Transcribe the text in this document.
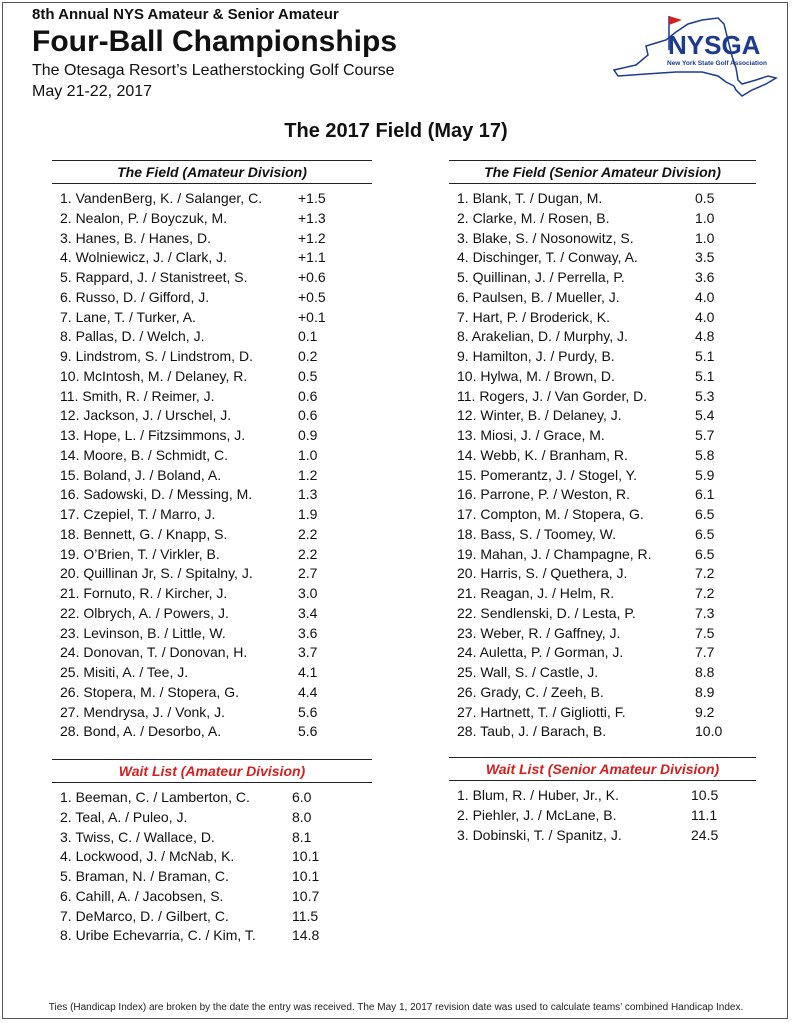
8th Annual NYS Amateur & Senior Amateur
Four-Ball Championships
The Otesaga Resort’s Leatherstocking Golf Course
May 21-22, 2017
NYSGA
New York State Golf Association
The 2017 Field (May 17)
The Field (Amateur Division)
1. VandenBerg, K. / Salanger, C.	+1.5
2. Nealon, P. / Boyczuk, M.	+1.3
3. Hanes, B. / Hanes, D.	+1.2
4. Wolniewicz, J. / Clark, J.	+1.1
5. Rappard, J. / Stanistreet, S.	+0.6
6. Russo, D. / Gifford, J.	+0.5
7. Lane, T. / Turker, A.	+0.1
8. Pallas, D. / Welch, J.	0.1
9. Lindstrom, S. / Lindstrom, D.	0.2
10. McIntosh, M. / Delaney, R.	0.5
11. Smith, R. / Reimer, J.	0.6
12. Jackson, J. / Urschel, J.	0.6
13. Hope, L. / Fitzsimmons, J.	0.9
14. Moore, B. / Schmidt, C.	1.0
15. Boland, J. / Boland, A.	1.2
16. Sadowski, D. / Messing, M.	1.3
17. Czepiel, T. / Marro, J.	1.9
18. Bennett, G. / Knapp, S.	2.2
19. O’Brien, T. / Virkler, B.	2.2
20. Quillinan Jr, S. / Spitalny, J.	2.7
21. Fornuto, R. / Kircher, J.	3.0
22. Olbrych, A. / Powers, J.	3.4
23. Levinson, B. / Little, W.	3.6
24. Donovan, T. / Donovan, H.	3.7
25. Misiti, A. / Tee, J.	4.1
26. Stopera, M. / Stopera, G.	4.4
27. Mendrysa, J. / Vonk, J.	5.6
28. Bond, A. / Desorbo, A.	5.6
The Field (Senior Amateur Division)
1. Blank, T. / Dugan, M.	0.5
2. Clarke, M. / Rosen, B.	1.0
3. Blake, S. / Nosonowitz, S.	1.0
4. Dischinger, T. / Conway, A.	3.5
5. Quillinan, J. / Perrella, P.	3.6
6. Paulsen, B. / Mueller, J.	4.0
7. Hart, P. / Broderick, K.	4.0
8. Arakelian, D. / Murphy, J.	4.8
9. Hamilton, J. / Purdy, B.	5.1
10. Hylwa, M. / Brown, D.	5.1
11. Rogers, J. / Van Gorder, D.	5.3
12. Winter, B. / Delaney, J.	5.4
13. Miosi, J. / Grace, M.	5.7
14. Webb, K. / Branham, R.	5.8
15. Pomerantz, J. / Stogel, Y.	5.9
16. Parrone, P. / Weston, R.	6.1
17. Compton, M. / Stopera, G.	6.5
18. Bass, S. / Toomey, W.	6.5
19. Mahan, J. / Champagne, R.	6.5
20. Harris, S. / Quethera, J.	7.2
21. Reagan, J. / Helm, R.	7.2
22. Sendlenski, D. / Lesta, P.	7.3
23. Weber, R. / Gaffney, J.	7.5
24. Auletta, P. / Gorman, J.	7.7
25. Wall, S. / Castle, J.	8.8
26. Grady, C. / Zeeh, B.	8.9
27. Hartnett, T. / Gigliotti, F.	9.2
28. Taub, J. / Barach, B.	10.0
Wait List (Amateur Division)
1. Beeman, C. / Lamberton, C.	6.0
2. Teal, A. / Puleo, J.	8.0
3. Twiss, C. / Wallace, D.	8.1
4. Lockwood, J. / McNab, K.	10.1
5. Braman, N. / Braman, C.	10.1
6. Cahill, A. / Jacobsen, S.	10.7
7. DeMarco, D. / Gilbert, C.	11.5
8. Uribe Echevarria, C. / Kim, T.	14.8
Wait List (Senior Amateur Division)
1. Blum, R. / Huber, Jr., K.	10.5
2. Piehler, J. / McLane, B.	11.1
3. Dobinski, T. / Spanitz, J.	24.5
Ties (Handicap Index) are broken by the date the entry was received. The May 1, 2017 revision date was used to calculate teams’ combined Handicap Index.
